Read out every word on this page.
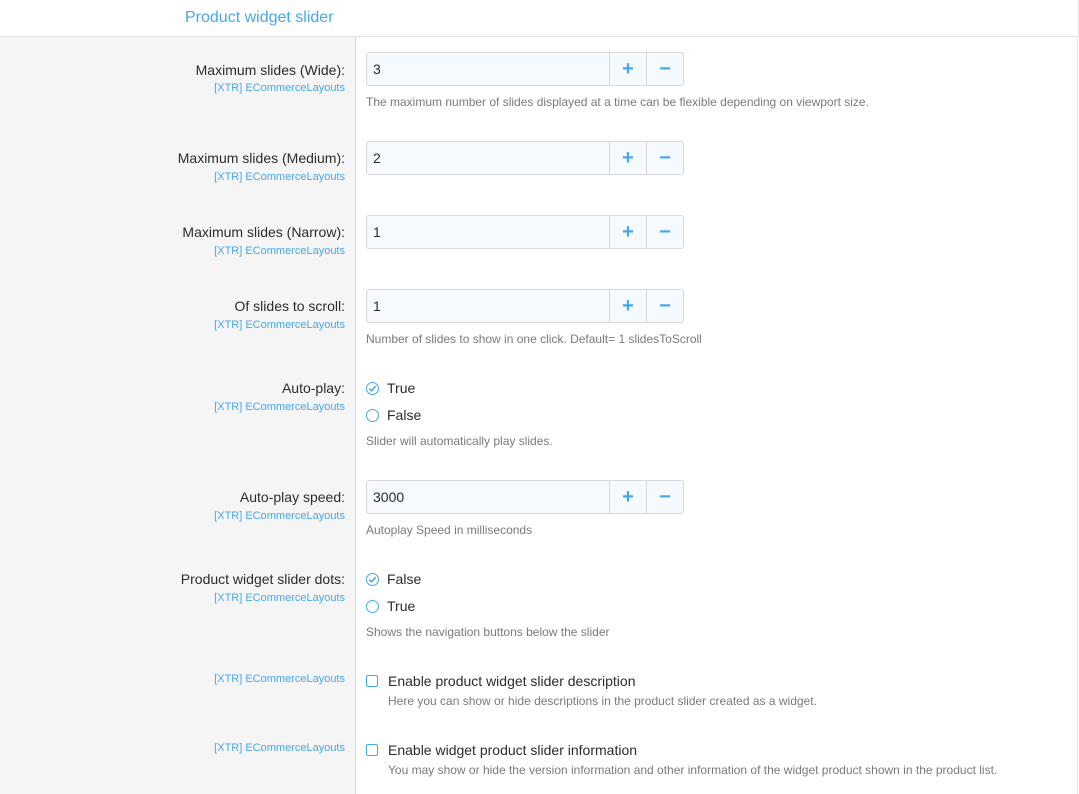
Product widget slider
Maximum slides (Wide):
[XTR] ECommerceLayouts
3
+	−
The maximum number of slides displayed at a time can be flexible depending on viewport size.
Maximum slides (Medium):
[XTR] ECommerceLayouts
2
+	−
Maximum slides (Narrow):
[XTR] ECommerceLayouts
1
+	−
Of slides to scroll:
[XTR] ECommerceLayouts
1
+	−
Number of slides to show in one click. Default= 1 slidesToScroll
Auto-play:
[XTR] ECommerceLayouts
True
False
Slider will automatically play slides.
Auto-play speed:
[XTR] ECommerceLayouts
3000
+	−
Autoplay Speed in milliseconds
Product widget slider dots:
[XTR] ECommerceLayouts
False
True
Shows the navigation buttons below the slider
[XTR] ECommerceLayouts	Enable product widget slider description
Here you can show or hide descriptions in the product slider created as a widget.
[XTR] ECommerceLayouts	Enable widget product slider information
You may show or hide the version information and other information of the widget product shown in the product list.
